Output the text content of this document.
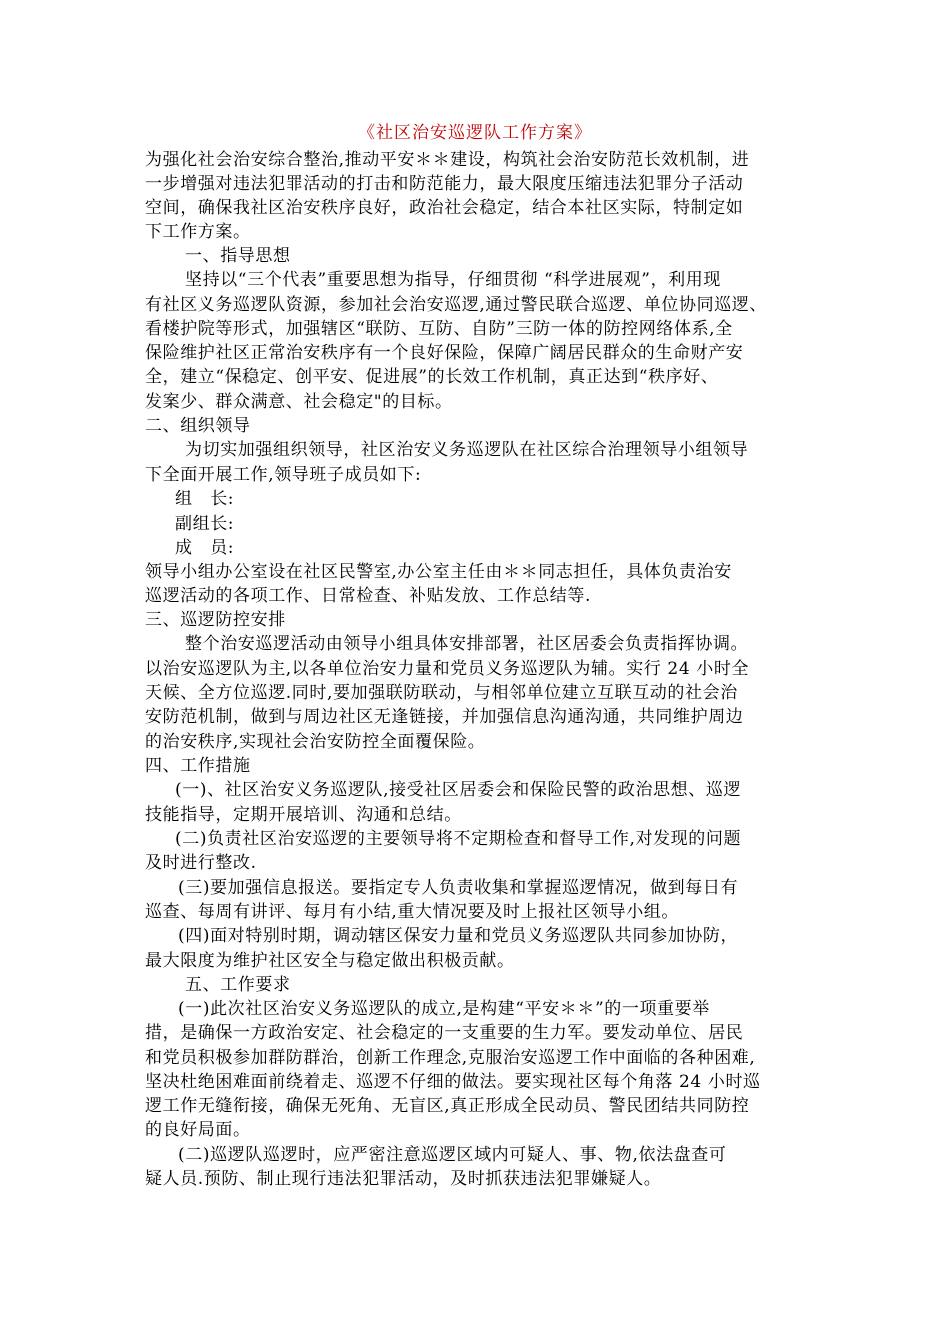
《社区治安巡逻队工作方案》
为强化社会治安综合整治,推动平安＊＊建设，构筑社会治安防范长效机制，进
一步增强对违法犯罪活动的打击和防范能力，最大限度压缩违法犯罪分子活动
空间，确保我社区治安秩序良好，政治社会稳定，结合本社区实际，特制定如
下工作方案。
一、指导思想
坚持以“三个代表”重要思想为指导，仔细贯彻 “科学进展观”，利用现
有社区义务巡逻队资源，参加社会治安巡逻,通过警民联合巡逻、单位协同巡逻、
看楼护院等形式，加强辖区“联防、互防、自防”三防一体的防控网络体系,全
保险维护社区正常治安秩序有一个良好保险，保障广阔居民群众的生命财产安
全，建立“保稳定、创平安、促进展”的长效工作机制，真正达到“秩序好、
发案少、群众满意、社会稳定"的目标。
二、组织领导
为切实加强组织领导，社区治安义务巡逻队在社区综合治理领导小组领导
下全面开展工作,领导班子成员如下:
组　长:
副组长:
成　员:
领导小组办公室设在社区民警室,办公室主任由＊＊同志担任，具体负责治安
巡逻活动的各项工作、日常检查、补贴发放、工作总结等.
三、巡逻防控安排
整个治安巡逻活动由领导小组具体安排部署，社区居委会负责指挥协调。
以治安巡逻队为主,以各单位治安力量和党员义务巡逻队为辅。实行 24 小时全
天候、全方位巡逻.同时,要加强联防联动，与相邻单位建立互联互动的社会治
安防范机制，做到与周边社区无逢链接，并加强信息沟通沟通，共同维护周边
的治安秩序,实现社会治安防控全面覆保险。
四、工作措施
(一)、社区治安义务巡逻队,接受社区居委会和保险民警的政治思想、巡逻
技能指导，定期开展培训、沟通和总结。
(二)负责社区治安巡逻的主要领导将不定期检查和督导工作,对发现的问题
及时进行整改.
(三)要加强信息报送。要指定专人负责收集和掌握巡逻情况，做到每日有
巡查、每周有讲评、每月有小结,重大情况要及时上报社区领导小组。
(四)面对特别时期，调动辖区保安力量和党员义务巡逻队共同参加协防，
最大限度为维护社区安全与稳定做出积极贡献。
五、工作要求
(一)此次社区治安义务巡逻队的成立,是构建“平安＊＊”的一项重要举
措，是确保一方政治安定、社会稳定的一支重要的生力军。要发动单位、居民
和党员积极参加群防群治，创新工作理念,克服治安巡逻工作中面临的各种困难,
坚决杜绝困难面前绕着走、巡逻不仔细的做法。要实现社区每个角落 24 小时巡
逻工作无缝衔接，确保无死角、无盲区,真正形成全民动员、警民团结共同防控
的良好局面。
(二)巡逻队巡逻时，应严密注意巡逻区域内可疑人、事、物,依法盘查可
疑人员.预防、制止现行违法犯罪活动，及时抓获违法犯罪嫌疑人。
